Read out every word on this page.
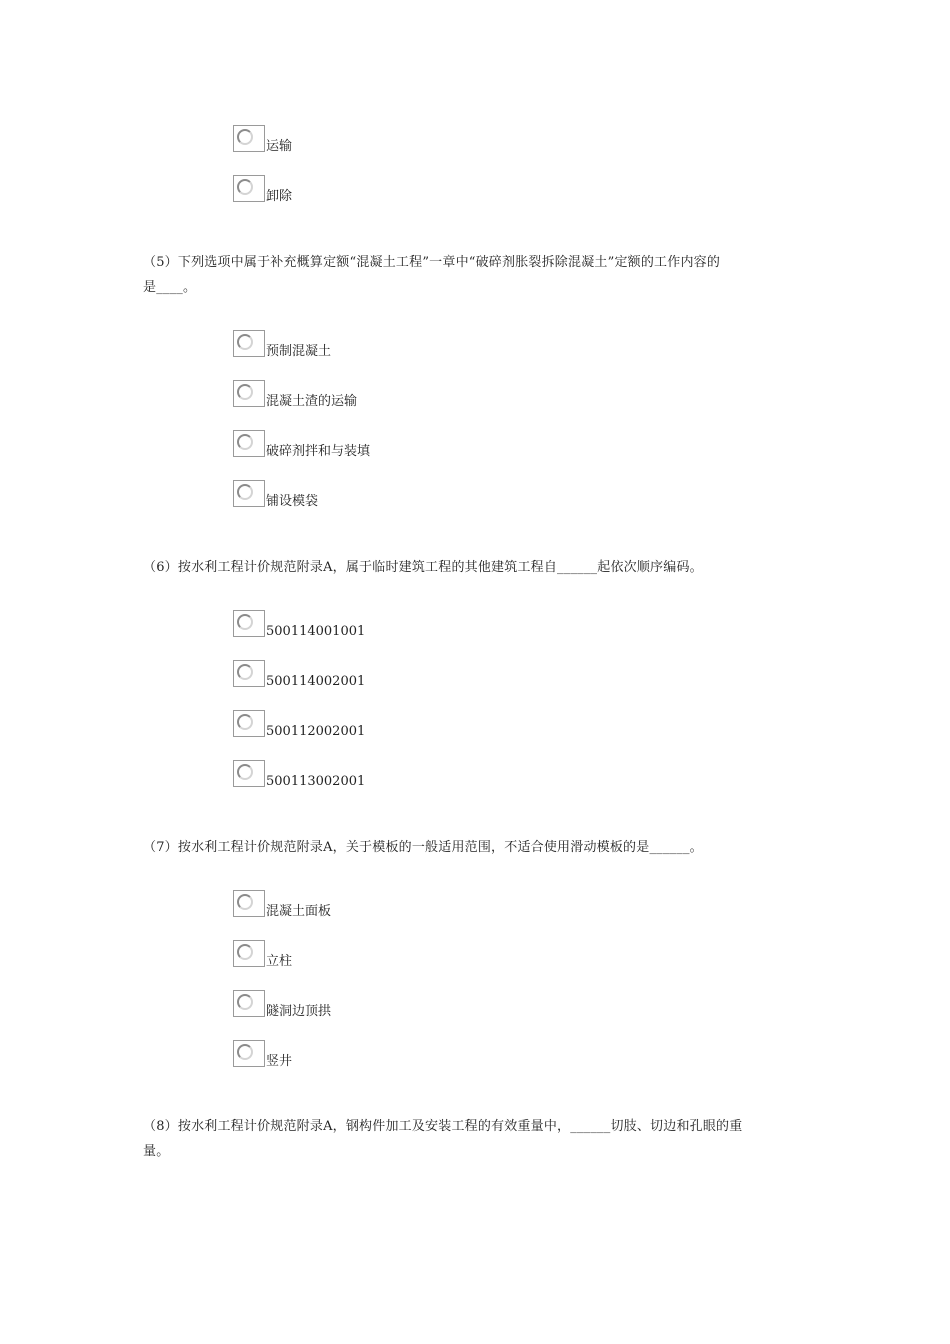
运输
卸除
（5）下列选项中属于补充概算定额“混凝土工程”一章中“破碎剂胀裂拆除混凝土”定额的工作内容的
是____。
预制混凝土
混凝土渣的运输
破碎剂拌和与装填
铺设模袋
（6）按水利工程计价规范附录A，属于临时建筑工程的其他建筑工程自______起依次顺序编码。
500114001001
500114002001
500112002001
500113002001
（7）按水利工程计价规范附录A，关于模板的一般适用范围，不适合使用滑动模板的是______。
混凝土面板
立柱
隧洞边顶拱
竖井
（8）按水利工程计价规范附录A，钢构件加工及安装工程的有效重量中，______切肢、切边和孔眼的重
量。
